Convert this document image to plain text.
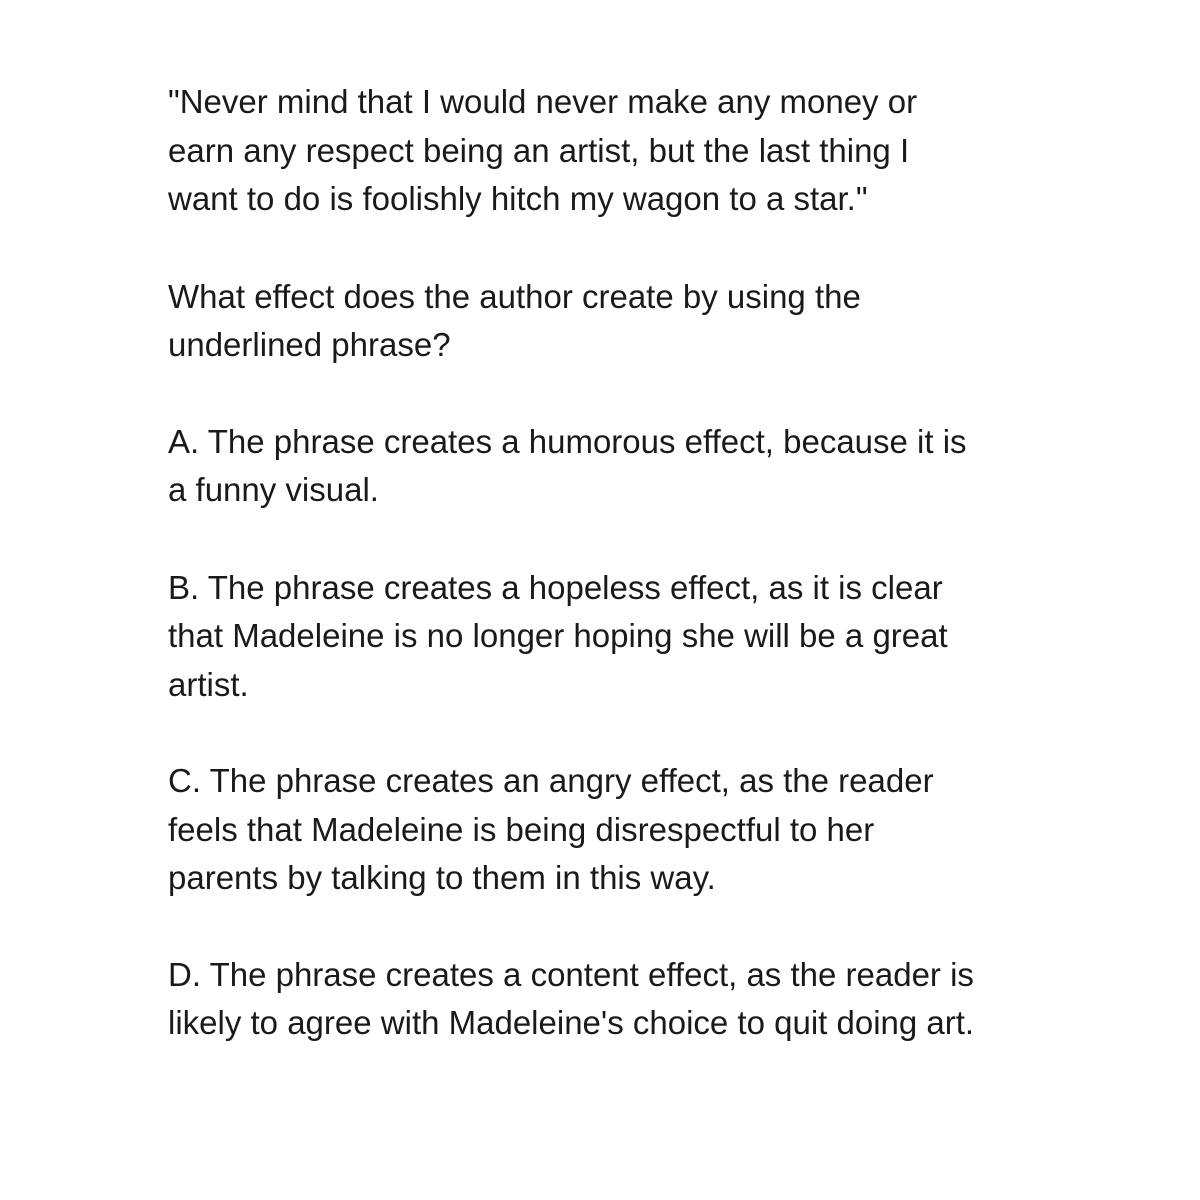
"Never mind that I would never make any money or
earn any respect being an artist, but the last thing I
want to do is foolishly hitch my wagon to a star."

What effect does the author create by using the
underlined phrase?

A. The phrase creates a humorous effect, because it is
a funny visual.

B. The phrase creates a hopeless effect, as it is clear
that Madeleine is no longer hoping she will be a great
artist.

C. The phrase creates an angry effect, as the reader
feels that Madeleine is being disrespectful to her
parents by talking to them in this way.

D. The phrase creates a content effect, as the reader is
likely to agree with Madeleine's choice to quit doing art.
